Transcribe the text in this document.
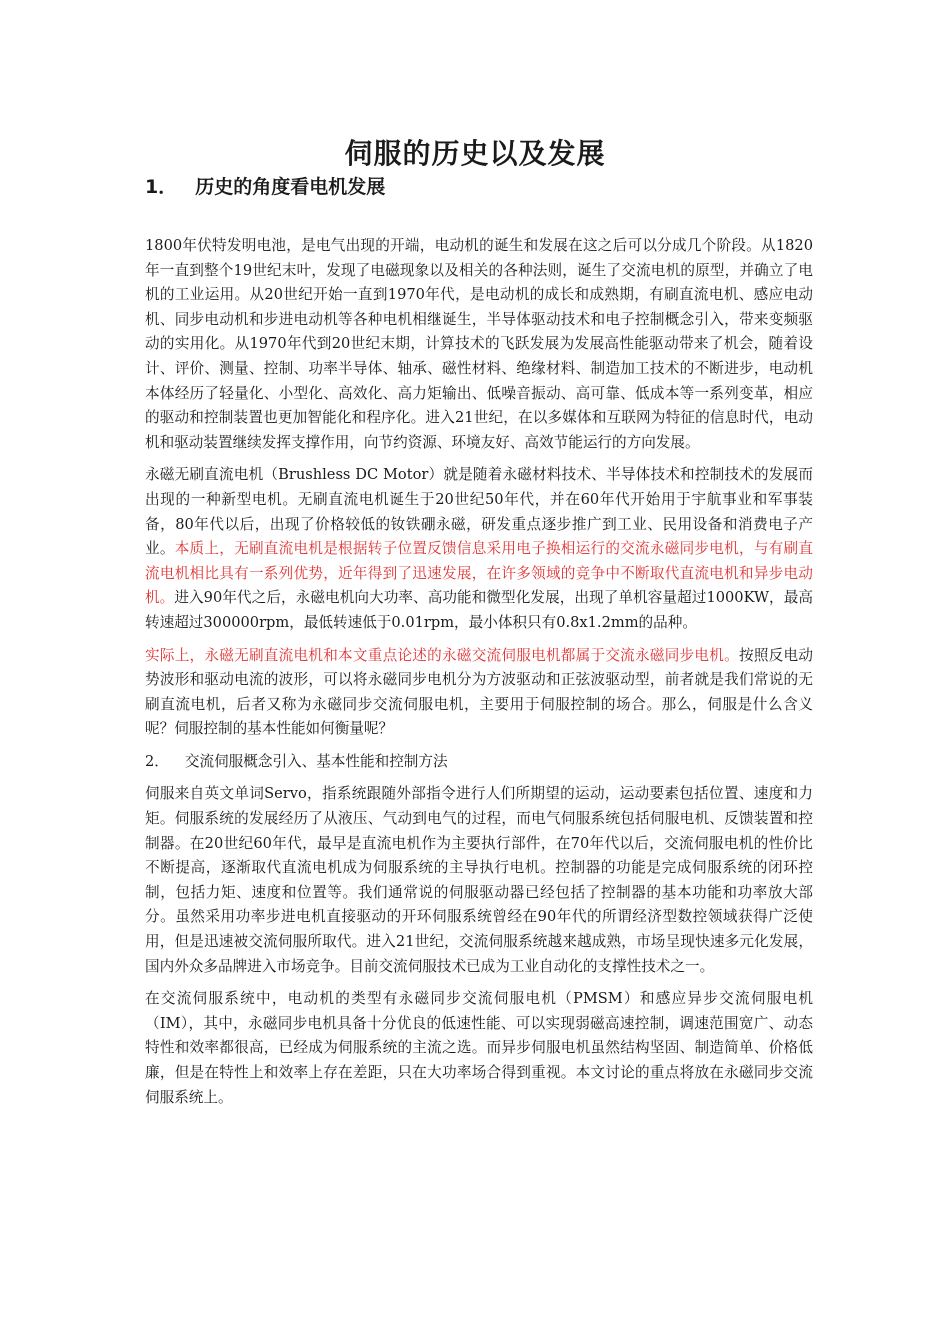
伺服的历史以及发展
1． 历史的角度看电机发展

1800年伏特发明电池，是电气出现的开端，电动机的诞生和发展在这之后可以分成几个阶段。从1820年一直到整个19世纪末叶，发现了电磁现象以及相关的各种法则，诞生了交流电机的原型，并确立了电机的工业运用。从20世纪开始一直到1970年代，是电动机的成长和成熟期，有刷直流电机、感应电动机、同步电动机和步进电动机等各种电机相继诞生，半导体驱动技术和电子控制概念引入，带来变频驱动的实用化。从1970年代到20世纪末期，计算技术的飞跃发展为发展高性能驱动带来了机会，随着设计、评价、测量、控制、功率半导体、轴承、磁性材料、绝缘材料、制造加工技术的不断进步，电动机本体经历了轻量化、小型化、高效化、高力矩输出、低噪音振动、高可靠、低成本等一系列变革，相应的驱动和控制装置也更加智能化和程序化。进入21世纪，在以多媒体和互联网为特征的信息时代，电动机和驱动装置继续发挥支撑作用，向节约资源、环境友好、高效节能运行的方向发展。

永磁无刷直流电机（Brushless DC Motor）就是随着永磁材料技术、半导体技术和控制技术的发展而出现的一种新型电机。无刷直流电机诞生于20世纪50年代，并在60年代开始用于宇航事业和军事装备，80年代以后，出现了价格较低的钕铁硼永磁，研发重点逐步推广到工业、民用设备和消费电子产业。本质上，无刷直流电机是根据转子位置反馈信息采用电子换相运行的交流永磁同步电机，与有刷直流电机相比具有一系列优势，近年得到了迅速发展，在许多领域的竞争中不断取代直流电机和异步电动机。进入90年代之后，永磁电机向大功率、高功能和微型化发展，出现了单机容量超过1000KW，最高转速超过300000rpm，最低转速低于0.01rpm，最小体积只有0.8x1.2mm的品种。

实际上，永磁无刷直流电机和本文重点论述的永磁交流伺服电机都属于交流永磁同步电机。按照反电动势波形和驱动电流的波形，可以将永磁同步电机分为方波驱动和正弦波驱动型，前者就是我们常说的无刷直流电机，后者又称为永磁同步交流伺服电机，主要用于伺服控制的场合。那么，伺服是什么含义呢？伺服控制的基本性能如何衡量呢？

2． 交流伺服概念引入、基本性能和控制方法

伺服来自英文单词Servo，指系统跟随外部指令进行人们所期望的运动，运动要素包括位置、速度和力矩。伺服系统的发展经历了从液压、气动到电气的过程，而电气伺服系统包括伺服电机、反馈装置和控制器。在20世纪60年代，最早是直流电机作为主要执行部件，在70年代以后，交流伺服电机的性价比不断提高，逐渐取代直流电机成为伺服系统的主导执行电机。控制器的功能是完成伺服系统的闭环控制，包括力矩、速度和位置等。我们通常说的伺服驱动器已经包括了控制器的基本功能和功率放大部分。虽然采用功率步进电机直接驱动的开环伺服系统曾经在90年代的所谓经济型数控领域获得广泛使用，但是迅速被交流伺服所取代。进入21世纪，交流伺服系统越来越成熟，市场呈现快速多元化发展，国内外众多品牌进入市场竞争。目前交流伺服技术已成为工业自动化的支撑性技术之一。

在交流伺服系统中，电动机的类型有永磁同步交流伺服电机（PMSM）和感应异步交流伺服电机（IM），其中，永磁同步电机具备十分优良的低速性能、可以实现弱磁高速控制，调速范围宽广、动态特性和效率都很高，已经成为伺服系统的主流之选。而异步伺服电机虽然结构坚固、制造简单、价格低廉，但是在特性上和效率上存在差距，只在大功率场合得到重视。本文讨论的重点将放在永磁同步交流伺服系统上。
